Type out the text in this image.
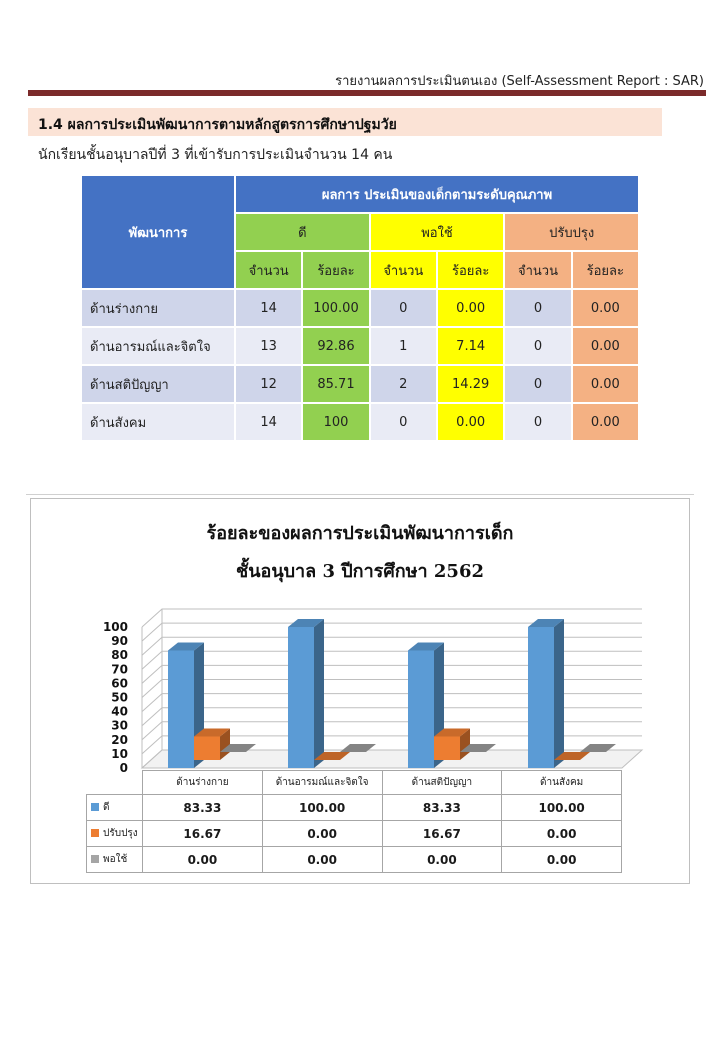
รายงานผลการประเมินตนเอง (Self-Assessment Report : SAR)
1.4 ผลการประเมินพัฒนาการตามหลักสูตรการศึกษาปฐมวัย
นักเรียนชั้นอนุบาลปีที่ 3 ที่เข้ารับการประเมินจำนวน 14 คน
พัฒนาการ	ผลการ ประเมินของเด็กตามระดับคุณภาพ					
	ดี		พอใช้		ปรับปรุง	
	จำนวน	ร้อยละ	จำนวน	ร้อยละ	จำนวน	ร้อยละ
ด้านร่างกาย	14	100.00	0	0.00	0	0.00
ด้านอารมณ์และจิตใจ	13	92.86	1	7.14	0	0.00
ด้านสติปัญญา	12	85.71	2	14.29	0	0.00
ด้านสังคม	14	100	0	0.00	0	0.00
ร้อยละของผลการประเมินพัฒนาการเด็ก
ชั้นอนุบาล 3 ปีการศึกษา 2562
0
10
20
30
40
50
60
70
80
90
100
	ด้านร่างกาย	ด้านอารมณ์และจิตใจ	ด้านสติปัญญา	ด้านสังคม
ดี	83.33	100.00	83.33	100.00
ปรับปรุง	16.67	0.00	16.67	0.00
พอใช้	0.00	0.00	0.00	0.00
